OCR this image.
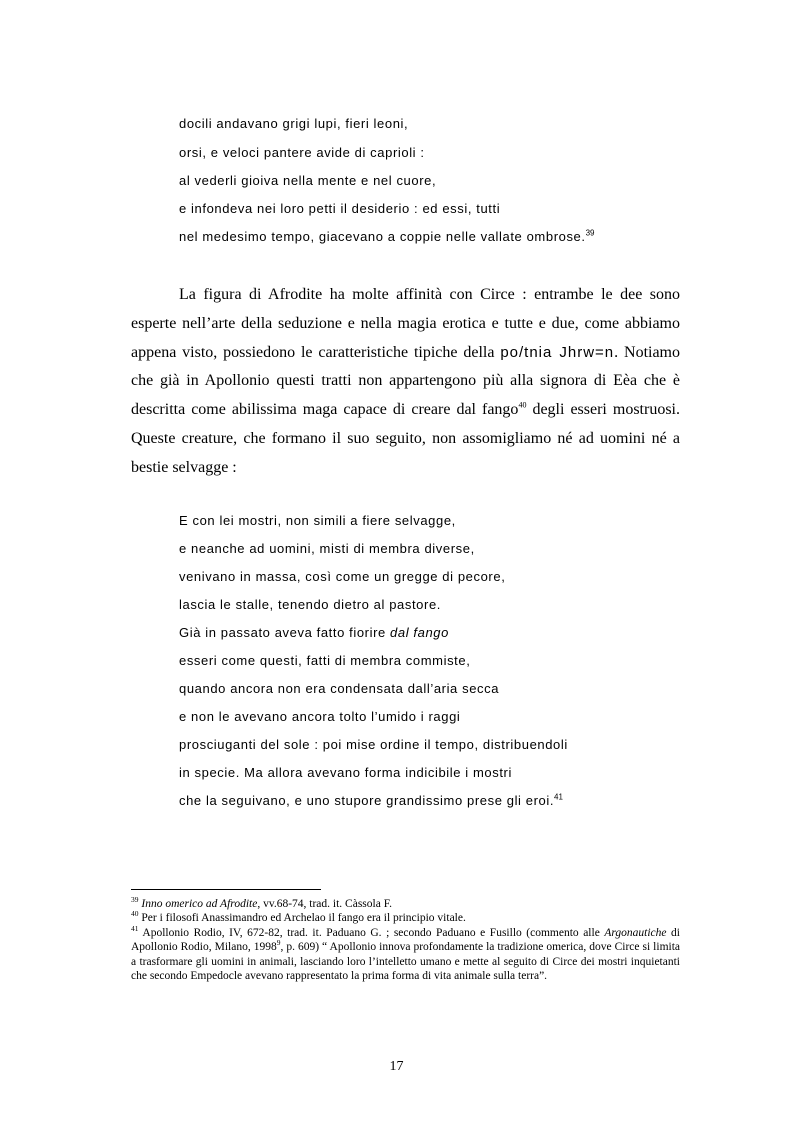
docili andavano grigi lupi, fieri leoni,
orsi, e veloci pantere avide di caprioli :
al vederli gioiva nella mente e nel cuore,
e infondeva nei loro petti il desiderio : ed essi, tutti
nel medesimo tempo, giacevano a coppie nelle vallate ombrose.$^{39}$
La figura di Afrodite ha molte affinità con Circe : entrambe le dee sono esperte nell’arte della seduzione e nella magia erotica e tutte e due, come abbiamo appena visto, possiedono le caratteristiche tipiche della po/tnia Jhrw=n. Notiamo che già in Apollonio questi tratti non appartengono più alla signora di Eèa che è descritta come abilissima maga capace di creare dal fango$^{40}$ degli esseri mostruosi. Queste creature, che formano il suo seguito, non assomigliamo né ad uomini né a bestie selvagge :
E con lei mostri, non simili a fiere selvagge,
e neanche ad uomini, misti di membra diverse,
venivano in massa, così come un gregge di pecore,
lascia le stalle, tenendo dietro al pastore.
Già in passato aveva fatto fiorire dal fango
esseri come questi, fatti di membra commiste,
quando ancora non era condensata dall’aria secca
e non le avevano ancora tolto l’umido i raggi
prosciuganti del sole : poi mise ordine il tempo, distribuendoli
in specie. Ma allora avevano forma indicibile i mostri
che la seguivano, e uno stupore grandissimo prese gli eroi.$^{41}$

$^{39}$ Inno omerico ad Afrodite, vv.68-74, trad. it. Càssola F.

$^{40}$ Per i filosofi Anassimandro ed Archelao il fango era il principio vitale.

$^{41}$ Apollonio Rodio, IV, 672-82, trad. it. Paduano G. ; secondo Paduano e Fusillo (commento alle Argonautiche di Apollonio Rodio, Milano, 1998$^9$, p. 609) “ Apollonio innova profondamente la tradizione omerica, dove Circe si limita a trasformare gli uomini in animali, lasciando loro l’intelletto umano e mette al seguito di Circe dei mostri inquietanti che secondo Empedocle avevano rappresentato la prima forma di vita animale sulla terra”.

17
